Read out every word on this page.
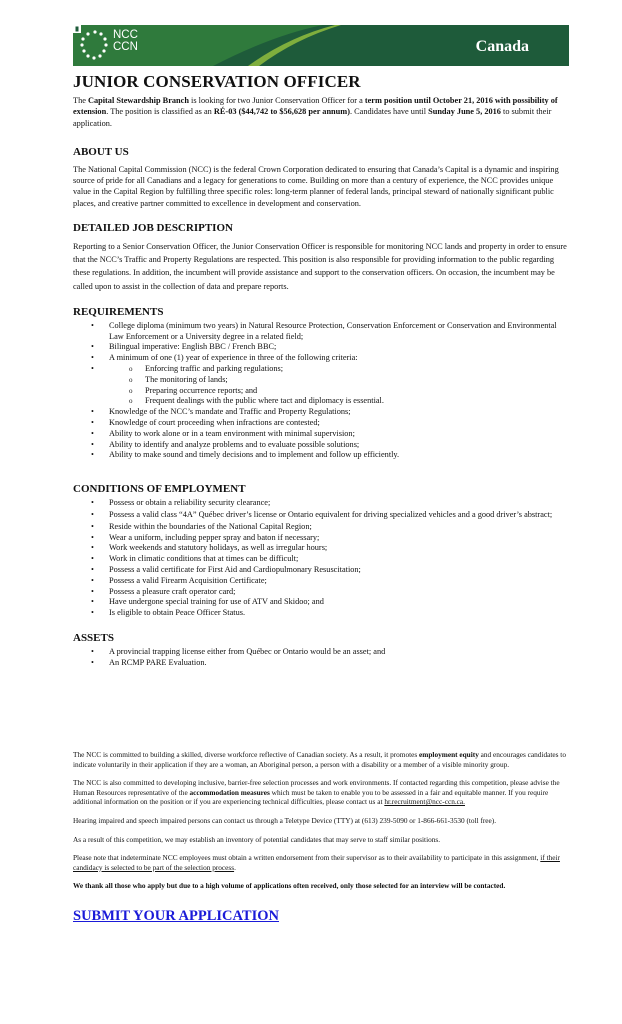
NCC
CCN	Canada
JUNIOR CONSERVATION OFFICER

The Capital Stewardship Branch is looking for two Junior Conservation Officer for a term position until October 21, 2016 with possibility of extension. The position is classified as an RÉ-03 ($44,742 to $56,628 per annum). Candidates have until Sunday June 5, 2016 to submit their application.

ABOUT US

The National Capital Commission (NCC) is the federal Crown Corporation dedicated to ensuring that Canada’s Capital is a dynamic and inspiring source of pride for all Canadians and a legacy for generations to come. Building on more than a century of experience, the NCC provides unique value in the Capital Region by fulfilling three specific roles: long-term planner of federal lands, principal steward of nationally significant public places, and creative partner committed to excellence in development and conservation.

DETAILED JOB DESCRIPTION

Reporting to a Senior Conservation Officer, the Junior Conservation Officer is responsible for monitoring NCC lands and property in order to ensure that the NCC’s Traffic and Property Regulations are respected. This position is also responsible for providing information to the public regarding these regulations. In addition, the incumbent will provide assistance and support to the conservation officers. On occasion, the incumbent may be called upon to assist in the collection of data and prepare reports.

REQUIREMENTS
• College diploma (minimum two years) in Natural Resource Protection, Conservation Enforcement or Conservation and Environmental Law Enforcement or a University degree in a related field;
• Bilingual imperative: English BBC / French BBC;
• A minimum of one (1) year of experience in three of the following criteria:
o • Enforcing traffic and parking regulations;
o The monitoring of lands;
o Preparing occurrence reports; and
o Frequent dealings with the public where tact and diplomacy is essential.
• Knowledge of the NCC’s mandate and Traffic and Property Regulations;
• Knowledge of court proceeding when infractions are contested;
• Ability to work alone or in a team environment with minimal supervision;
• Ability to identify and analyze problems and to evaluate possible solutions;
• Ability to make sound and timely decisions and to implement and follow up efficiently.
CONDITIONS OF EMPLOYMENT
• Possess or obtain a reliability security clearance;
• Possess a valid class “4A” Québec driver’s license or Ontario equivalent for driving specialized vehicles and a good driver’s abstract;
• Reside within the boundaries of the National Capital Region;
• Wear a uniform, including pepper spray and baton if necessary;
• Work weekends and statutory holidays, as well as irregular hours;
• Work in climatic conditions that at times can be difficult;
• Possess a valid certificate for First Aid and Cardiopulmonary Resuscitation;
• Possess a valid Firearm Acquisition Certificate;
• Possess a pleasure craft operator card;
• Have undergone special training for use of ATV and Skidoo; and
• Is eligible to obtain Peace Officer Status.
ASSETS
• A provincial trapping license either from Québec or Ontario would be an asset; and
• An RCMP PARE Evaluation.

The NCC is committed to building a skilled, diverse workforce reflective of Canadian society. As a result, it promotes employment equity and encourages candidates to indicate voluntarily in their application if they are a woman, an Aboriginal person, a person with a disability or a member of a visible minority group.

The NCC is also committed to developing inclusive, barrier-free selection processes and work environments. If contacted regarding this competition, please advise the Human Resources representative of the accommodation measures which must be taken to enable you to be assessed in a fair and equitable manner. If you require additional information on the position or if you are experiencing technical difficulties, please contact us at hr.recruitment@ncc-ccn.ca.

Hearing impaired and speech impaired persons can contact us through a Teletype Device (TTY) at (613) 239-5090 or 1-866-661-3530 (toll free).

As a result of this competition, we may establish an inventory of potential candidates that may serve to staff similar positions.

Please note that indeterminate NCC employees must obtain a written endorsement from their supervisor as to their availability to participate in this assignment, if their candidacy is selected to be part of the selection process.

We thank all those who apply but due to a high volume of applications often received, only those selected for an interview will be contacted.

SUBMIT YOUR APPLICATION
